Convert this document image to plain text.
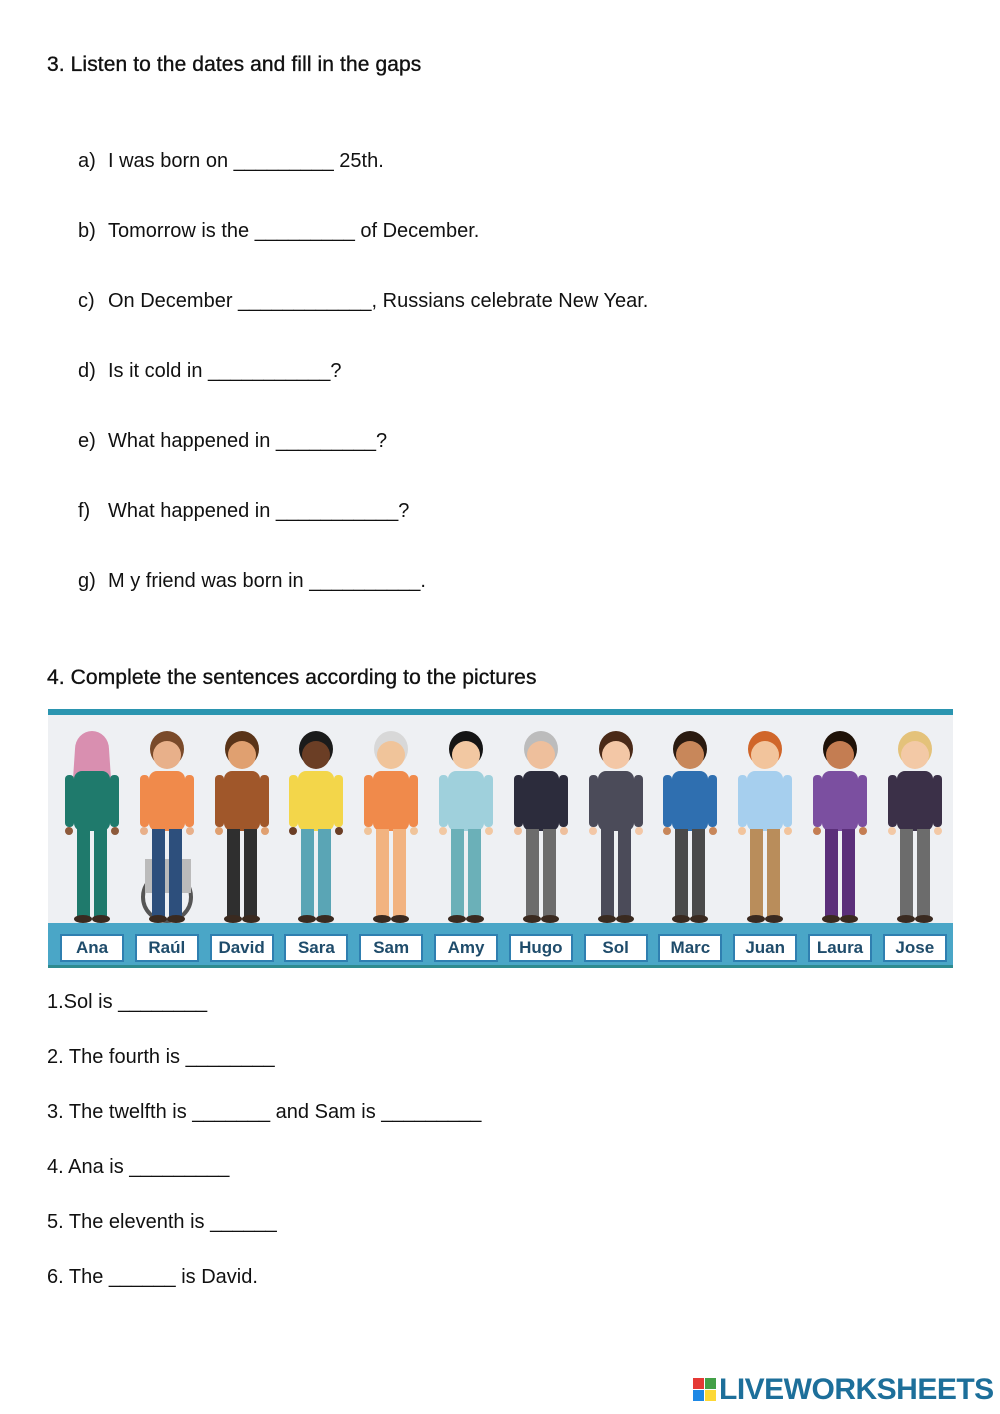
3. Listen to the dates and fill in the gaps
a) I was born on _________ 25th.
b) Tomorrow is the _________ of December.
c) On December ____________, Russians celebrate New Year.
d) Is it cold in ___________?
e) What happened in _________?
f) What happened in ___________?
g) M y friend was born in __________.
4. Complete the sentences according to the pictures
Ana	Raúl	David	Sara	Sam	Amy	Hugo	Sol	Marc	Juan	Laura	Jose
1.Sol is ________
2. The fourth is ________
3. The twelfth is _______ and Sam is _________
4. Ana is _________
5. The eleventh is ______
6. The ______ is David.
LIVEWORKSHEETS
